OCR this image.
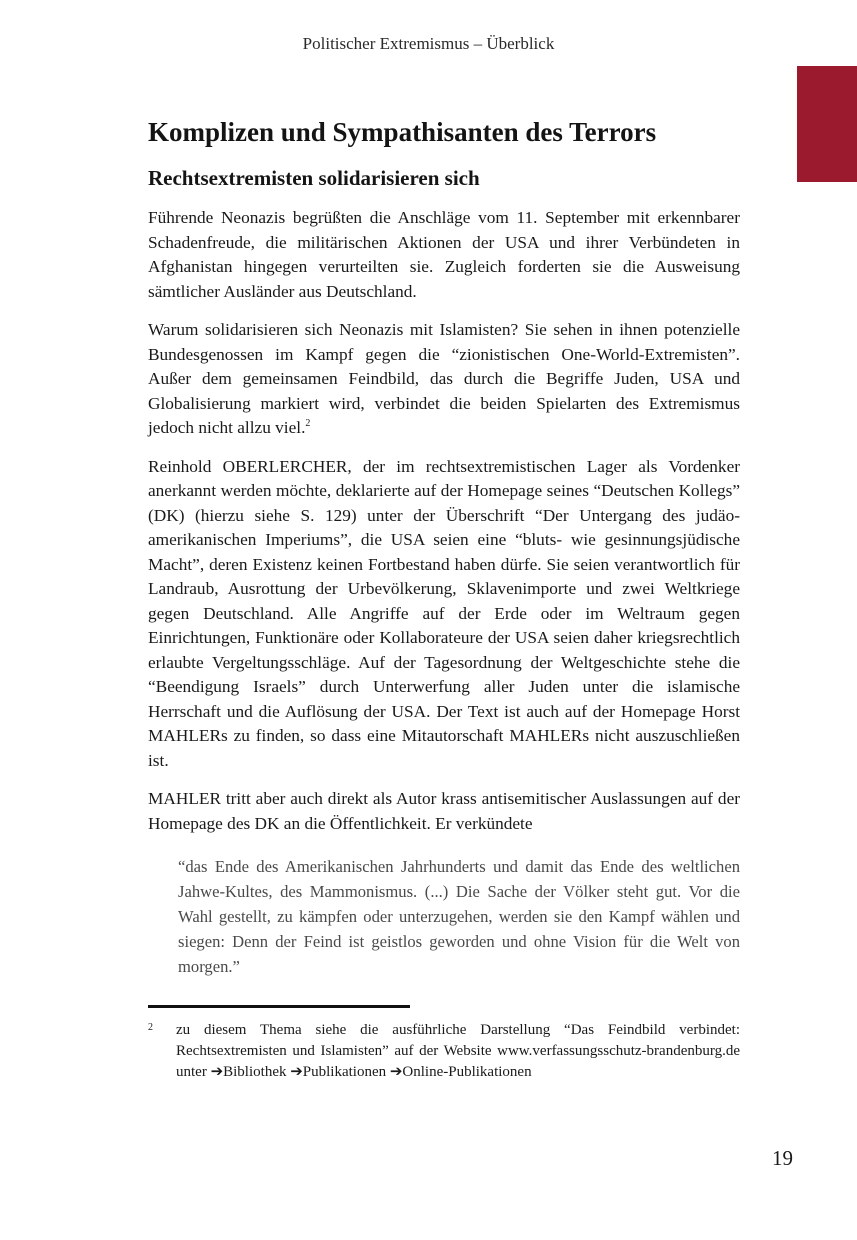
Politischer Extremismus – Überblick
Komplizen und Sympathisanten des Terrors
Rechtsextremisten solidarisieren sich

Führende Neonazis begrüßten die Anschläge vom 11. September mit erkennbarer Schadenfreude, die militärischen Aktionen der USA und ihrer Verbündeten in Afghanistan hingegen verurteilten sie. Zugleich forderten sie die Ausweisung sämtlicher Ausländer aus Deutschland.

Warum solidarisieren sich Neonazis mit Islamisten? Sie sehen in ihnen potenzielle Bundesgenossen im Kampf gegen die “zionistischen One-World-Extremisten”. Außer dem gemeinsamen Feindbild, das durch die Begriffe Juden, USA und Globalisierung markiert wird, verbindet die beiden Spielarten des Extremismus jedoch nicht allzu viel.$^2$

Reinhold OBERLERCHER, der im rechtsextremistischen Lager als Vordenker anerkannt werden möchte, deklarierte auf der Homepage seines “Deutschen Kollegs” (DK) (hierzu siehe S. 129) unter der Überschrift “Der Untergang des judäo-amerikanischen Imperiums”, die USA seien eine “bluts- wie gesinnungsjüdische Macht”, deren Existenz keinen Fortbestand haben dürfe. Sie seien verantwortlich für Landraub, Ausrottung der Urbevölkerung, Sklavenimporte und zwei Weltkriege gegen Deutschland. Alle Angriffe auf der Erde oder im Weltraum gegen Einrichtungen, Funktionäre oder Kollaborateure der USA seien daher kriegsrechtlich erlaubte Vergeltungsschläge. Auf der Tagesordnung der Weltgeschichte stehe die “Beendigung Israels” durch Unterwerfung aller Juden unter die islamische Herrschaft und die Auflösung der USA. Der Text ist auch auf der Homepage Horst MAHLERs zu finden, so dass eine Mitautorschaft MAHLERs nicht auszuschließen ist.

MAHLER tritt aber auch direkt als Autor krass antisemitischer Auslassungen auf der Homepage des DK an die Öffentlichkeit. Er verkündete

“das Ende des Amerikanischen Jahrhunderts und damit das Ende des weltlichen Jahwe-Kultes, des Mammonismus. (...) Die Sache der Völker steht gut. Vor die Wahl gestellt, zu kämpfen oder unterzugehen, werden sie den Kampf wählen und siegen: Denn der Feind ist geistlos geworden und ohne Vision für die Welt von morgen.”

2 zu diesem Thema siehe die ausführliche Darstellung “Das Feindbild verbindet: Rechtsextremisten und Islamisten” auf der Website www.verfassungsschutz-brandenburg.de unter ➔Bibliothek ➔Publikationen ➔Online-Publikationen
19
